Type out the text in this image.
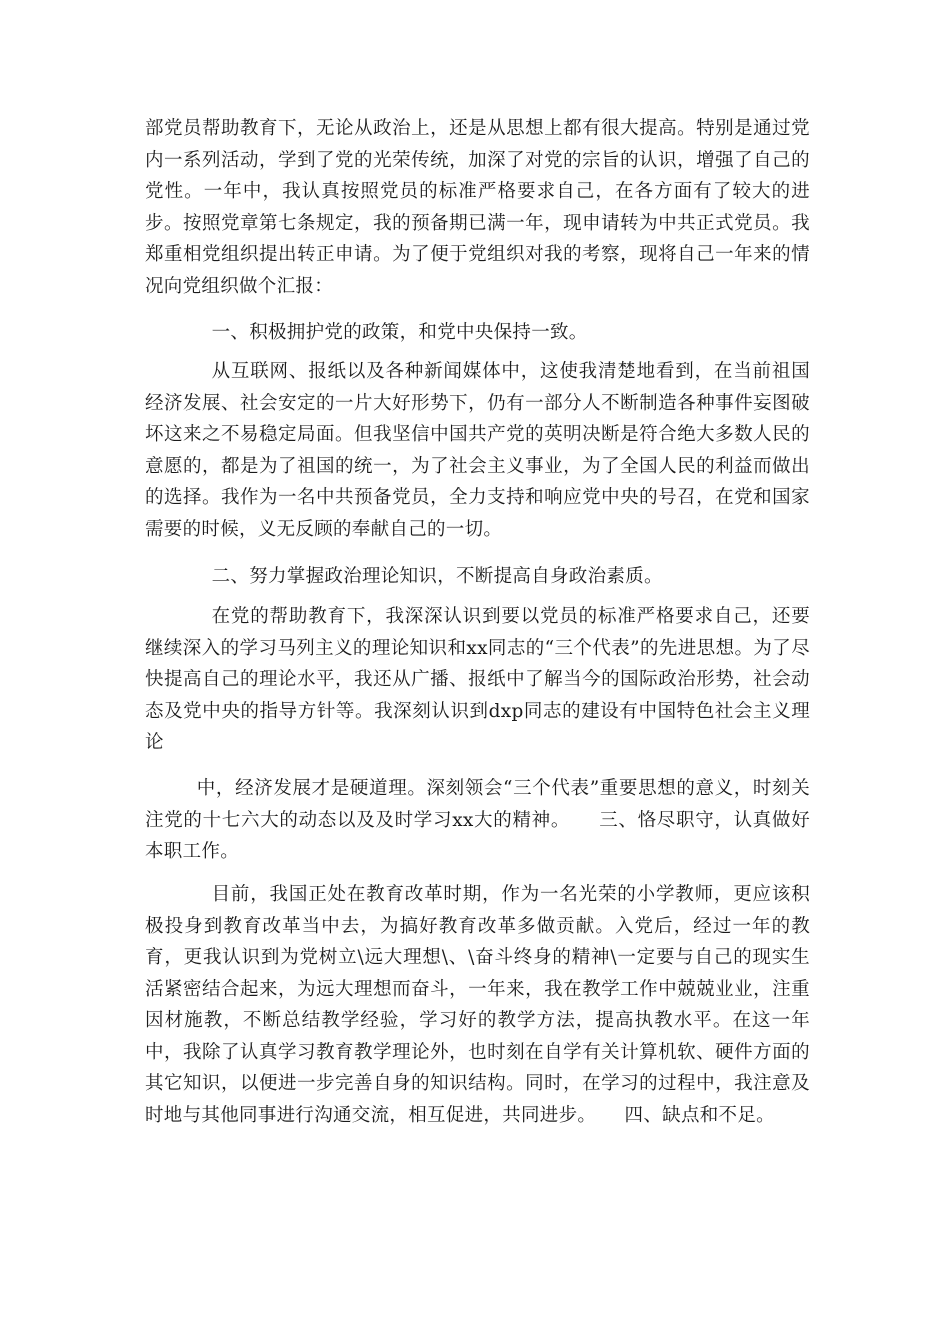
部党员帮助教育下，无论从政治上，还是从思想上都有很大提高。特别是通过党内一系列活动，学到了党的光荣传统，加深了对党的宗旨的认识，增强了自己的党性。一年中，我认真按照党员的标准严格要求自己，在各方面有了较大的进步。按照党章第七条规定，我的预备期已满一年，现申请转为中共正式党员。我郑重相党组织提出转正申请。为了便于党组织对我的考察，现将自己一年来的情况向党组织做个汇报：

一、积极拥护党的政策，和党中央保持一致。

从互联网、报纸以及各种新闻媒体中，这使我清楚地看到，在当前祖国经济发展、社会安定的一片大好形势下，仍有一部分人不断制造各种事件妄图破坏这来之不易稳定局面。但我坚信中国共产党的英明决断是符合绝大多数人民的意愿的，都是为了祖国的统一，为了社会主义事业，为了全国人民的利益而做出的选择。我作为一名中共预备党员，全力支持和响应党中央的号召，在党和国家需要的时候，义无反顾的奉献自己的一切。

二、努力掌握政治理论知识，不断提高自身政治素质。

在党的帮助教育下，我深深认识到要以党员的标准严格要求自己，还要继续深入的学习马列主义的理论知识和xx同志的“三个代表”的先进思想。为了尽快提高自己的理论水平，我还从广播、报纸中了解当今的国际政治形势，社会动态及党中央的指导方针等。我深刻认识到dxp同志的建设有中国特色社会主义理论

中，经济发展才是硬道理。深刻领会“三个代表”重要思想的意义，时刻关注党的十七六大的动态以及及时学习xx大的精神。　　三、恪尽职守，认真做好本职工作。

目前，我国正处在教育改革时期，作为一名光荣的小学教师，更应该积极投身到教育改革当中去，为搞好教育改革多做贡献。入党后，经过一年的教育，更我认识到为党树立\远大理想\、\奋斗终身的精神\一定要与自己的现实生活紧密结合起来，为远大理想而奋斗，一年来，我在教学工作中兢兢业业，注重因材施教，不断总结教学经验，学习好的教学方法，提高执教水平。在这一年中，我除了认真学习教育教学理论外，也时刻在自学有关计算机软、硬件方面的其它知识，以便进一步完善自身的知识结构。同时，在学习的过程中，我注意及时地与其他同事进行沟通交流，相互促进，共同进步。　　四、缺点和不足。
